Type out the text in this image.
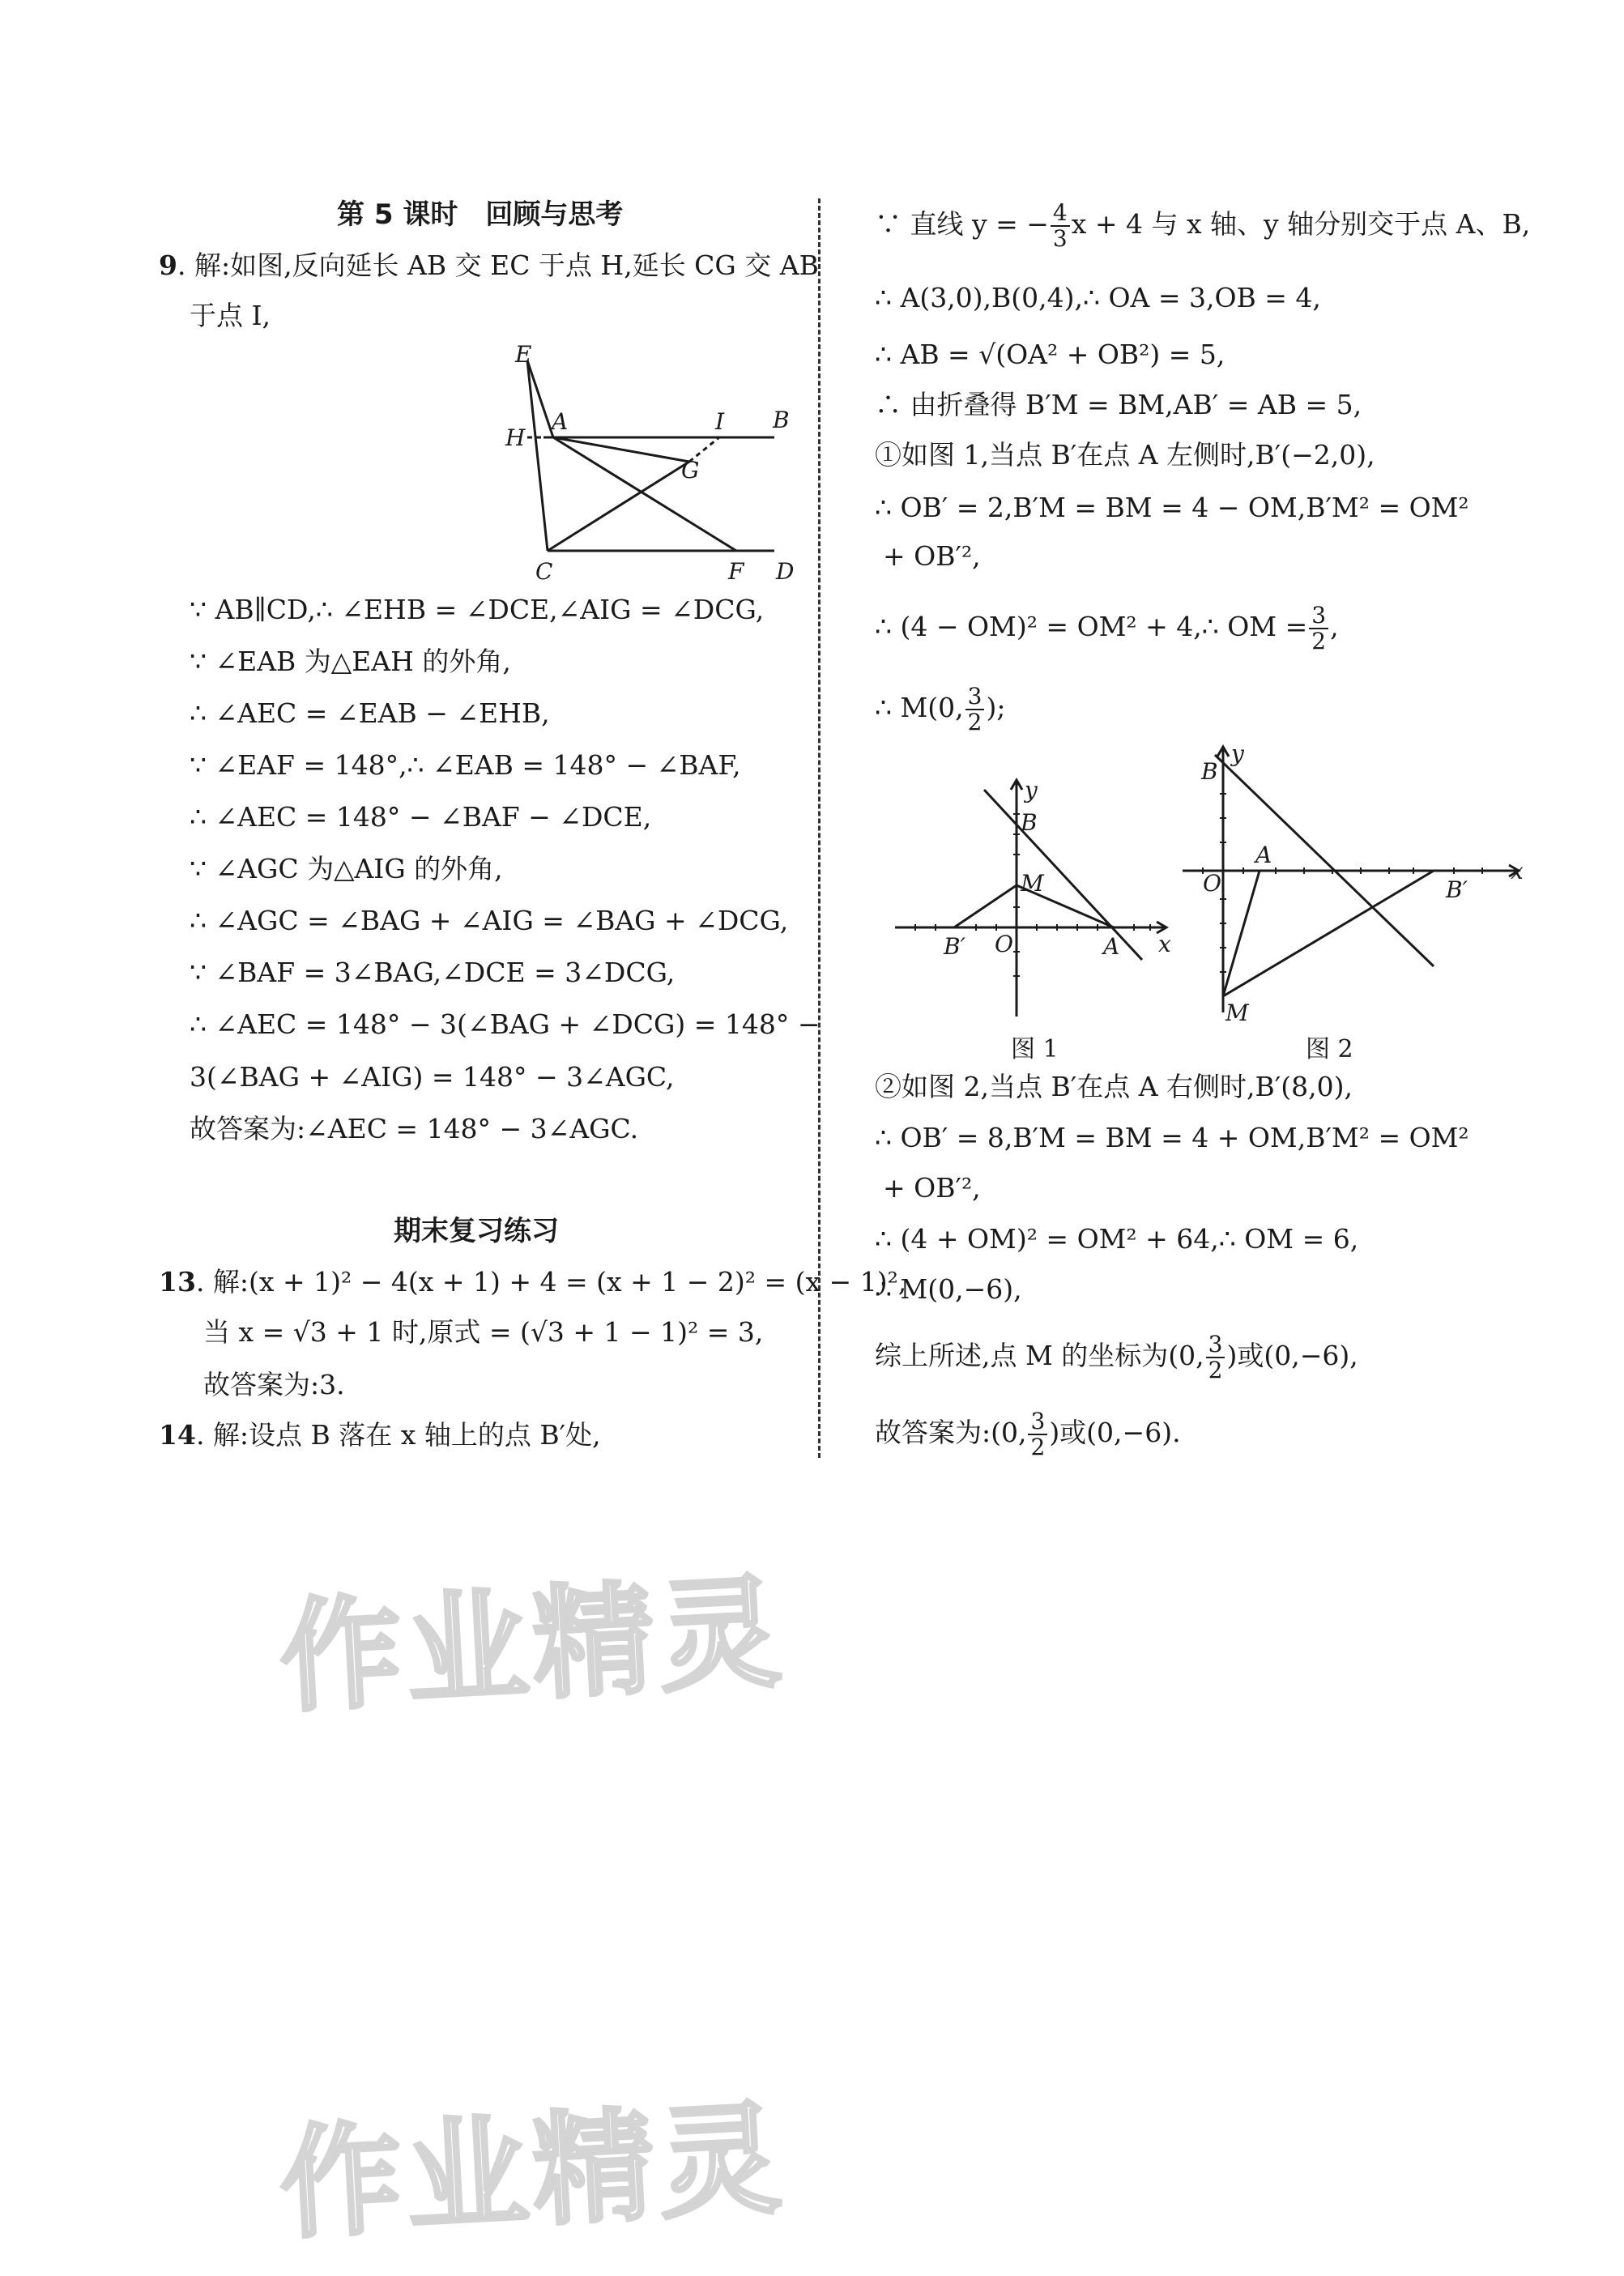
第 5 课时　回顾与思考
9. 解:如图,反向延长 AB 交 EC 于点 H,延长 CG 交 AB
于点 I,
E
H
A	I B
G
C	F D
∵ AB∥CD,∴ ∠EHB = ∠DCE,∠AIG = ∠DCG,
∵ ∠EAB 为△EAH 的外角,
∴ ∠AEC = ∠EAB − ∠EHB,
∵ ∠EAF = 148°,∴ ∠EAB = 148° − ∠BAF,
∴ ∠AEC = 148° − ∠BAF − ∠DCE,
∵ ∠AGC 为△AIG 的外角,
∴ ∠AGC = ∠BAG + ∠AIG = ∠BAG + ∠DCG,
∵ ∠BAF = 3∠BAG,∠DCE = 3∠DCG,
∴ ∠AEC = 148° − 3(∠BAG + ∠DCG) = 148° −
3(∠BAG + ∠AIG) = 148° − 3∠AGC,
故答案为:∠AEC = 148° − 3∠AGC.
期末复习练习
13. 解:(x + 1)² − 4(x + 1) + 4 = (x + 1 − 2)² = (x − 1)²,
当 x = √3 + 1 时,原式 = (√3 + 1 − 1)² = 3,
故答案为:3.
14. 解:设点 B 落在 x 轴上的点 B′处,
∵ 直线 y = − $\frac{4}{3}$ x + 4 与 x 轴、y 轴分别交于点 A、B,
∴ A(3,0),B(0,4),∴ OA = 3,OB = 4,
∴ AB = √(OA² + OB²) = 5,
∴ 由折叠得 B′M = BM,AB′ = AB = 5,
①如图 1,当点 B′在点 A 左侧时,B′(−2,0),
∴ OB′ = 2,B′M = BM = 4 − OM,B′M² = OM²
+ OB′²,
∴ (4 − OM)² = OM² + 4,∴ OM = $\frac{3}{2}$ ,
∴ M(0, $\frac{3}{2}$ );
y
B
M
B′ O	A x
图 1
y
B
A
O	B′
x
M
图 2
②如图 2,当点 B′在点 A 右侧时,B′(8,0),
∴ OB′ = 8,B′M = BM = 4 + OM,B′M² = OM²
+ OB′²,
∴ (4 + OM)² = OM² + 64,∴ OM = 6,
∴ M(0,−6),
综上所述,点 M 的坐标为(0, $\frac{3}{2}$ )或(0,−6),
故答案为:(0, $\frac{3}{2}$ )或(0,−6).
作业精灵
作业精灵
